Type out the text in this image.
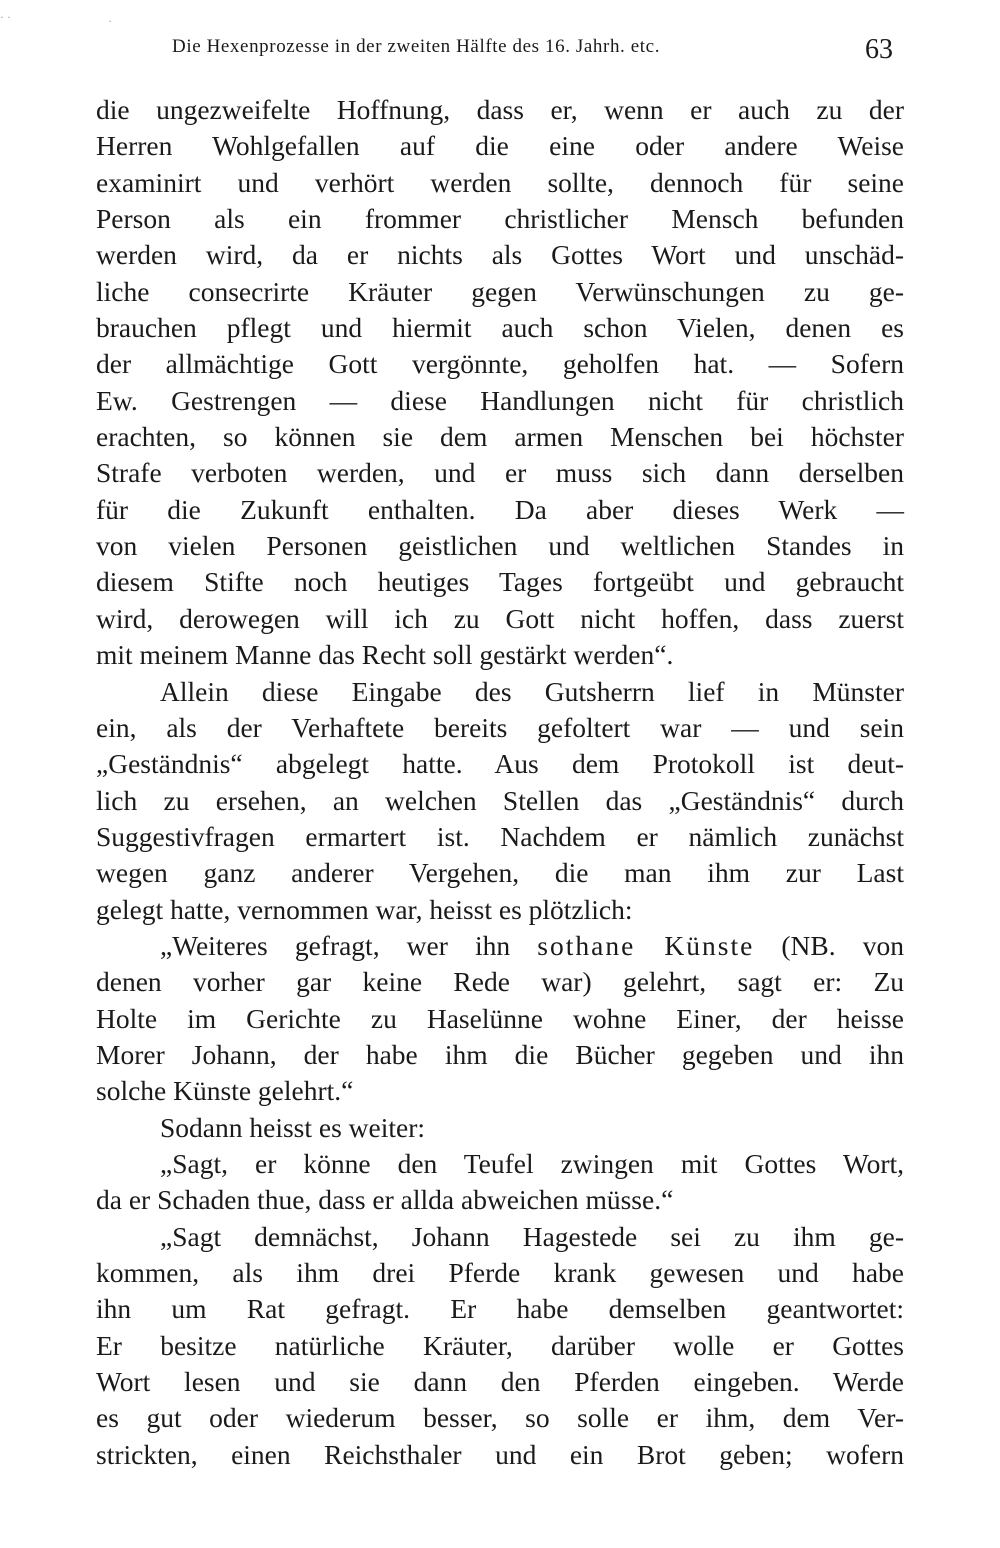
· ·	·
Die Hexenprozesse in der zweiten Hälfte des 16. Jahrh. etc.	63
die ungezweifelte Hoffnung, dass er, wenn er auch zu der
Herren Wohlgefallen auf die eine oder andere Weise
examinirt und verhört werden sollte, dennoch für seine
Person als ein frommer christlicher Mensch befunden
werden wird, da er nichts als Gottes Wort und unschäd-
liche consecrirte Kräuter gegen Verwünschungen zu ge-
brauchen pflegt und hiermit auch schon Vielen, denen es
der allmächtige Gott vergönnte, geholfen hat. — Sofern
Ew. Gestrengen — diese Handlungen nicht für christlich
erachten, so können sie dem armen Menschen bei höchster
Strafe verboten werden, und er muss sich dann derselben
für die Zukunft enthalten. Da aber dieses Werk —
von vielen Personen geistlichen und weltlichen Standes in
diesem Stifte noch heutiges Tages fortgeübt und gebraucht
wird, derowegen will ich zu Gott nicht hoffen, dass zuerst
mit meinem Manne das Recht soll gestärkt werden“.
Allein diese Eingabe des Gutsherrn lief in Münster
ein, als der Verhaftete bereits gefoltert war — und sein
„Geständnis“ abgelegt hatte. Aus dem Protokoll ist deut-
lich zu ersehen, an welchen Stellen das „Geständnis“ durch
Suggestivfragen ermartert ist. Nachdem er nämlich zunächst
wegen ganz anderer Vergehen, die man ihm zur Last
gelegt hatte, vernommen war, heisst es plötzlich:
„Weiteres gefragt, wer ihn sothane Künste (NB. von
denen vorher gar keine Rede war) gelehrt, sagt er: Zu
Holte im Gerichte zu Haselünne wohne Einer, der heisse
Morer Johann, der habe ihm die Bücher gegeben und ihn
solche Künste gelehrt.“
Sodann heisst es weiter:
„Sagt, er könne den Teufel zwingen mit Gottes Wort,
da er Schaden thue, dass er allda abweichen müsse.“
„Sagt demnächst, Johann Hagestede sei zu ihm ge-
kommen, als ihm drei Pferde krank gewesen und habe
ihn um Rat gefragt. Er habe demselben geantwortet:
Er besitze natürliche Kräuter, darüber wolle er Gottes
Wort lesen und sie dann den Pferden eingeben. Werde
es gut oder wiederum besser, so solle er ihm, dem Ver-
strickten, einen Reichsthaler und ein Brot geben; wofern
